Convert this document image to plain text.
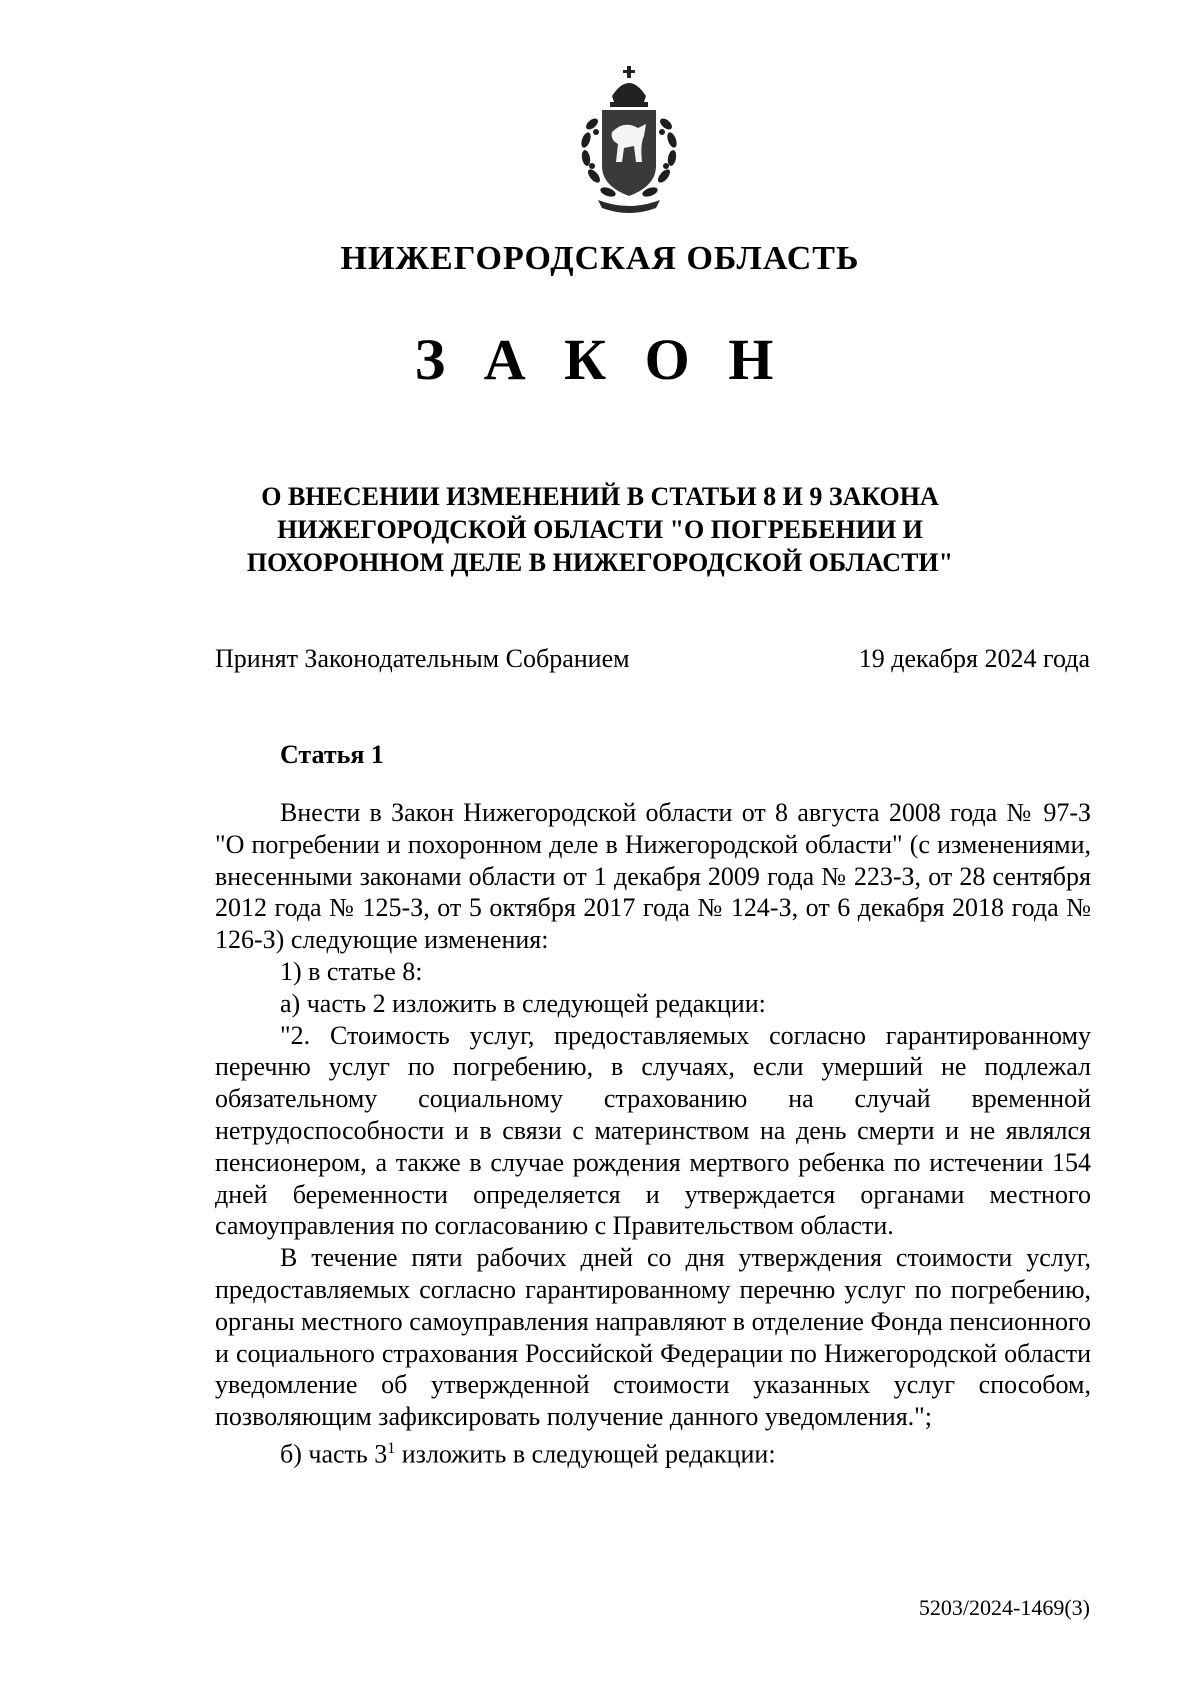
НИЖЕГОРОДСКАЯ ОБЛАСТЬ
З А К О Н
О ВНЕСЕНИИ ИЗМЕНЕНИЙ В СТАТЬИ 8 И 9 ЗАКОНА
НИЖЕГОРОДСКОЙ ОБЛАСТИ "О ПОГРЕБЕНИИ И
ПОХОРОННОМ ДЕЛЕ В НИЖЕГОРОДСКОЙ ОБЛАСТИ"
Принят Законодательным Собранием	19 декабря 2024 года
Статья 1

Внести в Закон Нижегородской области от 8 августа 2008 года № 97-З "О погребении и похоронном деле в Нижегородской области" (с изменениями, внесенными законами области от 1 декабря 2009 года № 223-З, от 28 сентября 2012 года № 125-З, от 5 октября 2017 года № 124-З, от 6 декабря 2018 года № 126-З) следующие изменения:

1) в статье 8:

а) часть 2 изложить в следующей редакции:

"2. Стоимость услуг, предоставляемых согласно гарантированному перечню услуг по погребению, в случаях, если умерший не подлежал обязательному социальному страхованию на случай временной нетрудоспособности и в связи с материнством на день смерти и не являлся пенсионером, а также в случае рождения мертвого ребенка по истечении 154 дней беременности определяется и утверждается органами местного самоуправления по согласованию с Правительством области.

В течение пяти рабочих дней со дня утверждения стоимости услуг, предоставляемых согласно гарантированному перечню услуг по погребению, органы местного самоуправления направляют в отделение Фонда пенсионного и социального страхования Российской Федерации по Нижегородской области уведомление об утвержденной стоимости указанных услуг способом, позволяющим зафиксировать получение данного уведомления.";

б) часть $3^1$ изложить в следующей редакции:

5203/2024-1469(3)
